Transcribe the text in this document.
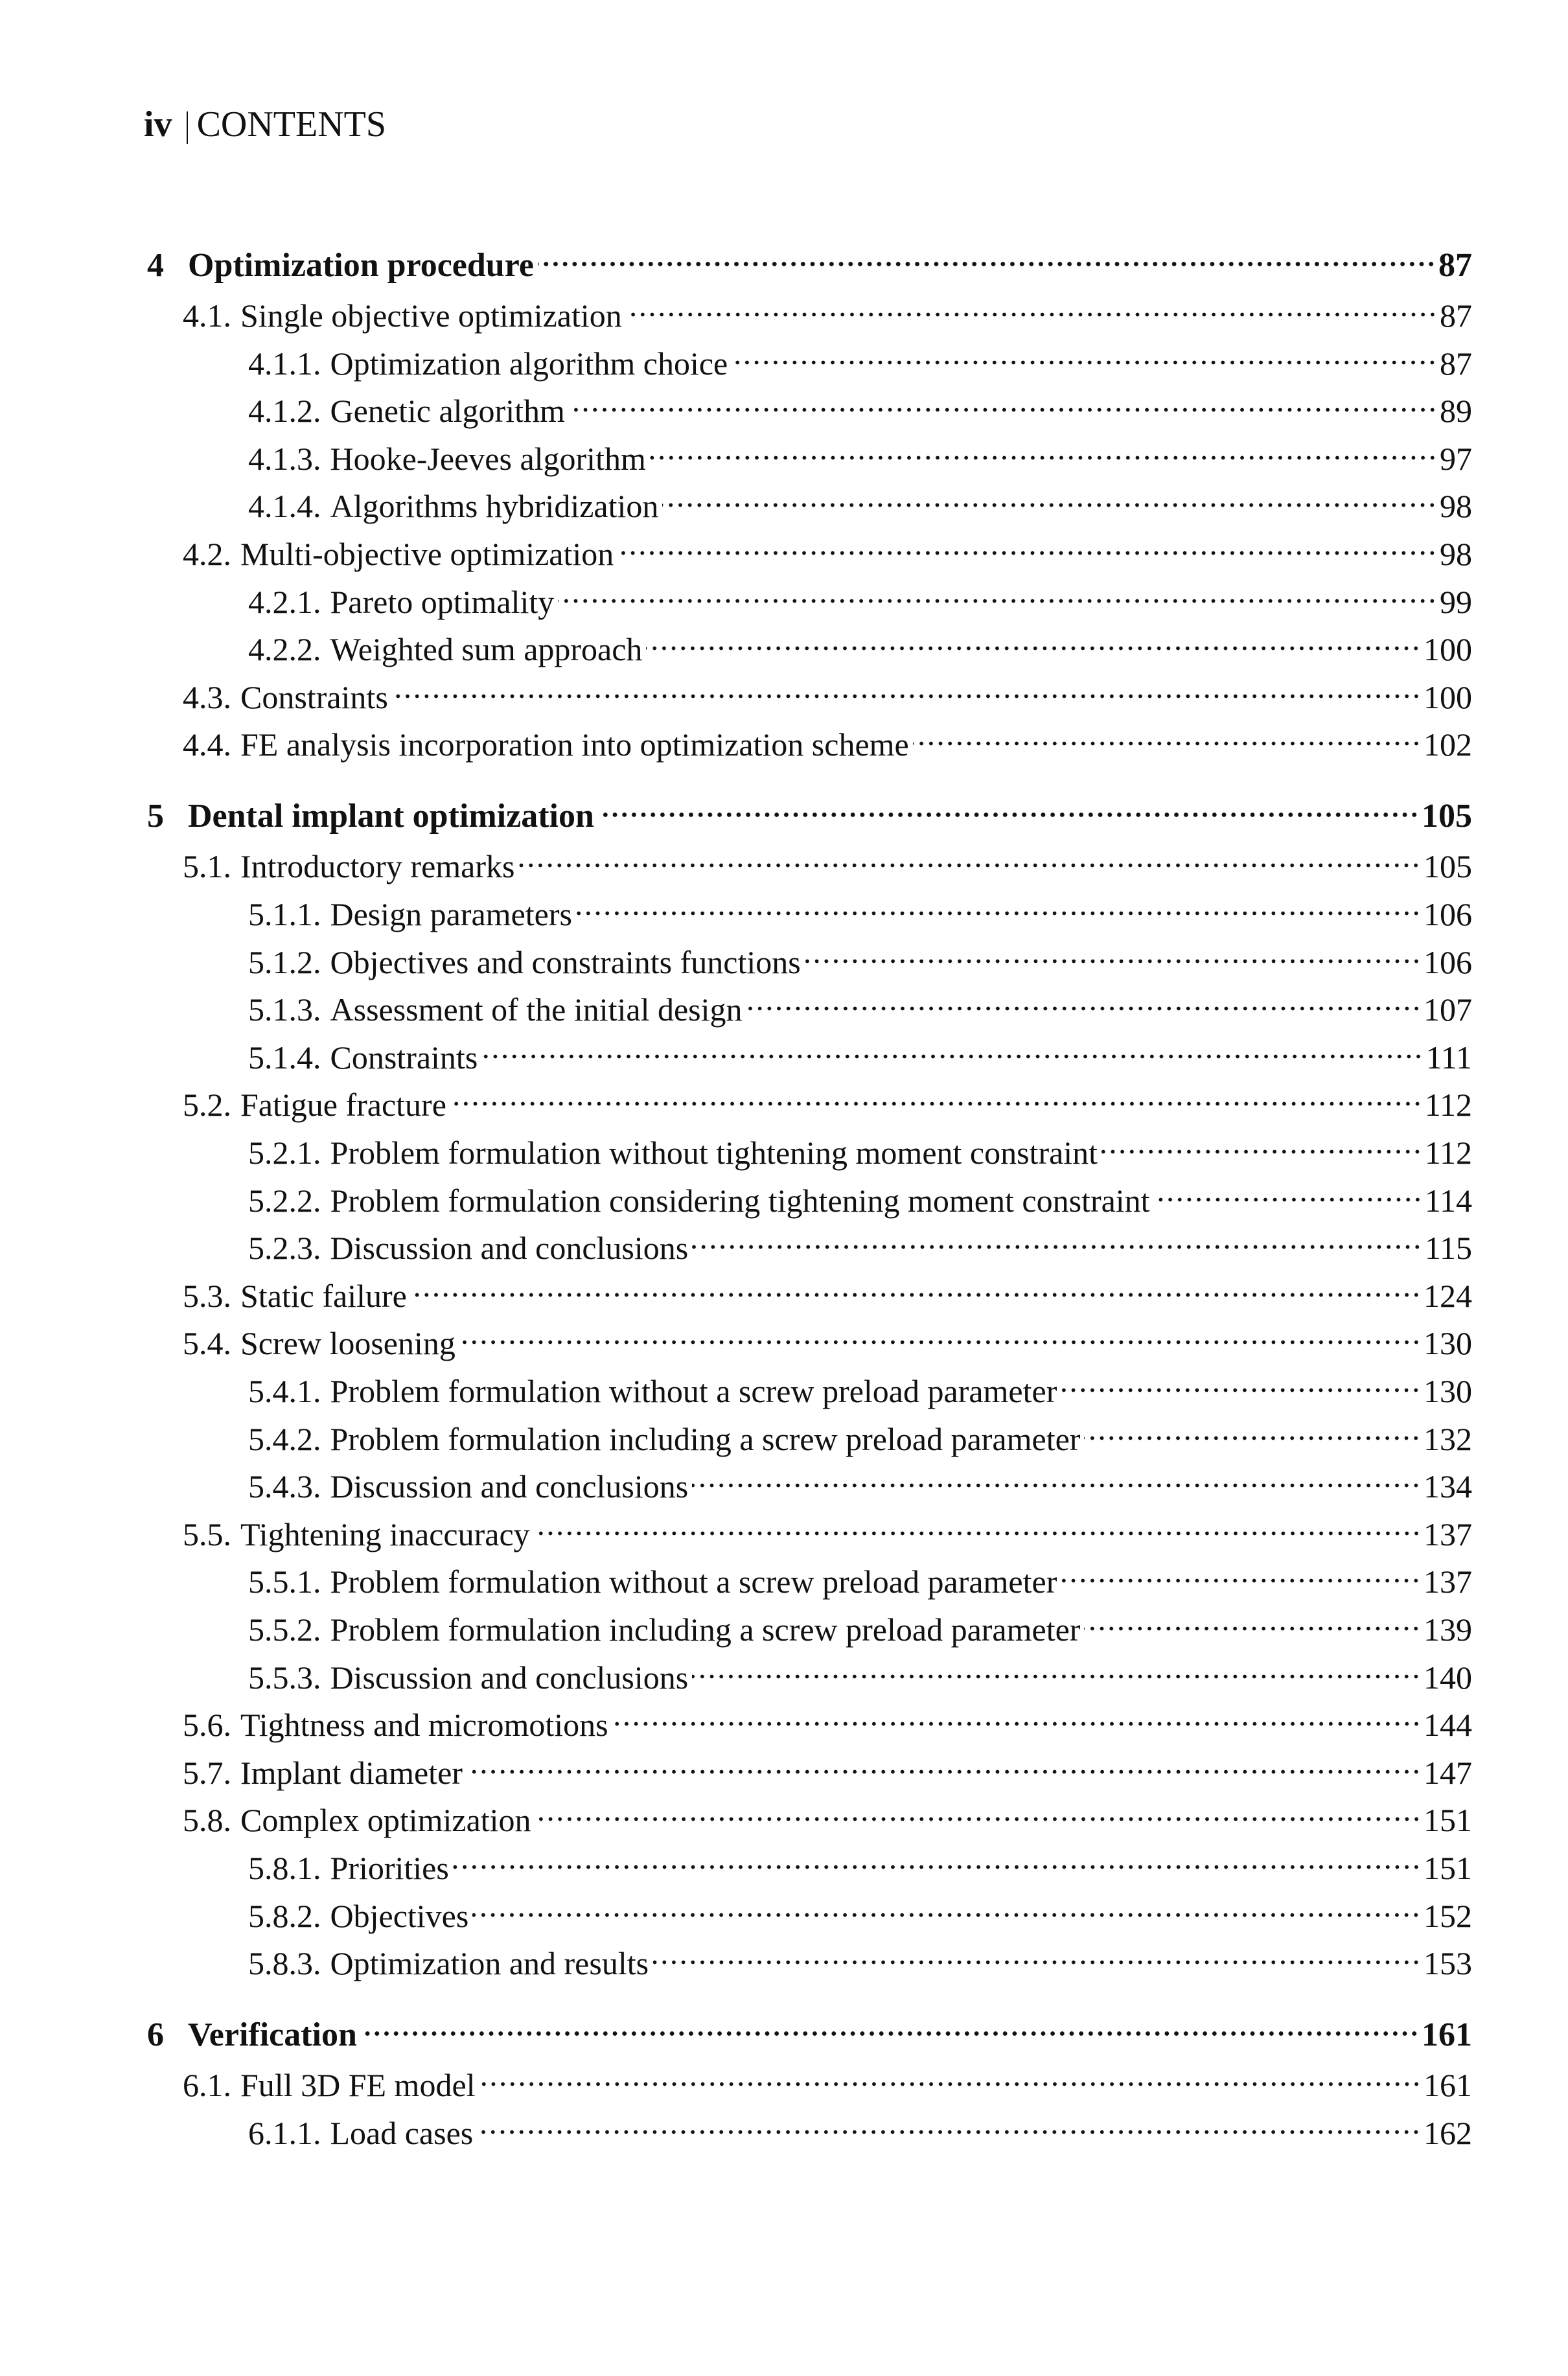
iv CONTENTS
4 Optimization procedure	87
4.1. Single objective optimization	87
4.1.1. Optimization algorithm choice	87
4.1.2. Genetic algorithm	89
4.1.3. Hooke-Jeeves algorithm	97
4.1.4. Algorithms hybridization	98
4.2. Multi-objective optimization	98
4.2.1. Pareto optimality	99
4.2.2. Weighted sum approach	100
4.3. Constraints	100
4.4. FE analysis incorporation into optimization scheme	102
5 Dental implant optimization	105
5.1. Introductory remarks	105
5.1.1. Design parameters	106
5.1.2. Objectives and constraints functions	106
5.1.3. Assessment of the initial design	107
5.1.4. Constraints	111
5.2. Fatigue fracture	112
5.2.1. Problem formulation without tightening moment constraint	112
5.2.2. Problem formulation considering tightening moment constraint	114
5.2.3. Discussion and conclusions	115
5.3. Static failure	124
5.4. Screw loosening	130
5.4.1. Problem formulation without a screw preload parameter	130
5.4.2. Problem formulation including a screw preload parameter	132
5.4.3. Discussion and conclusions	134
5.5. Tightening inaccuracy	137
5.5.1. Problem formulation without a screw preload parameter	137
5.5.2. Problem formulation including a screw preload parameter	139
5.5.3. Discussion and conclusions	140
5.6. Tightness and micromotions	144
5.7. Implant diameter	147
5.8. Complex optimization	151
5.8.1. Priorities	151
5.8.2. Objectives	152
5.8.3. Optimization and results	153
6 Verification	161
6.1. Full 3D FE model	161
6.1.1. Load cases	162
